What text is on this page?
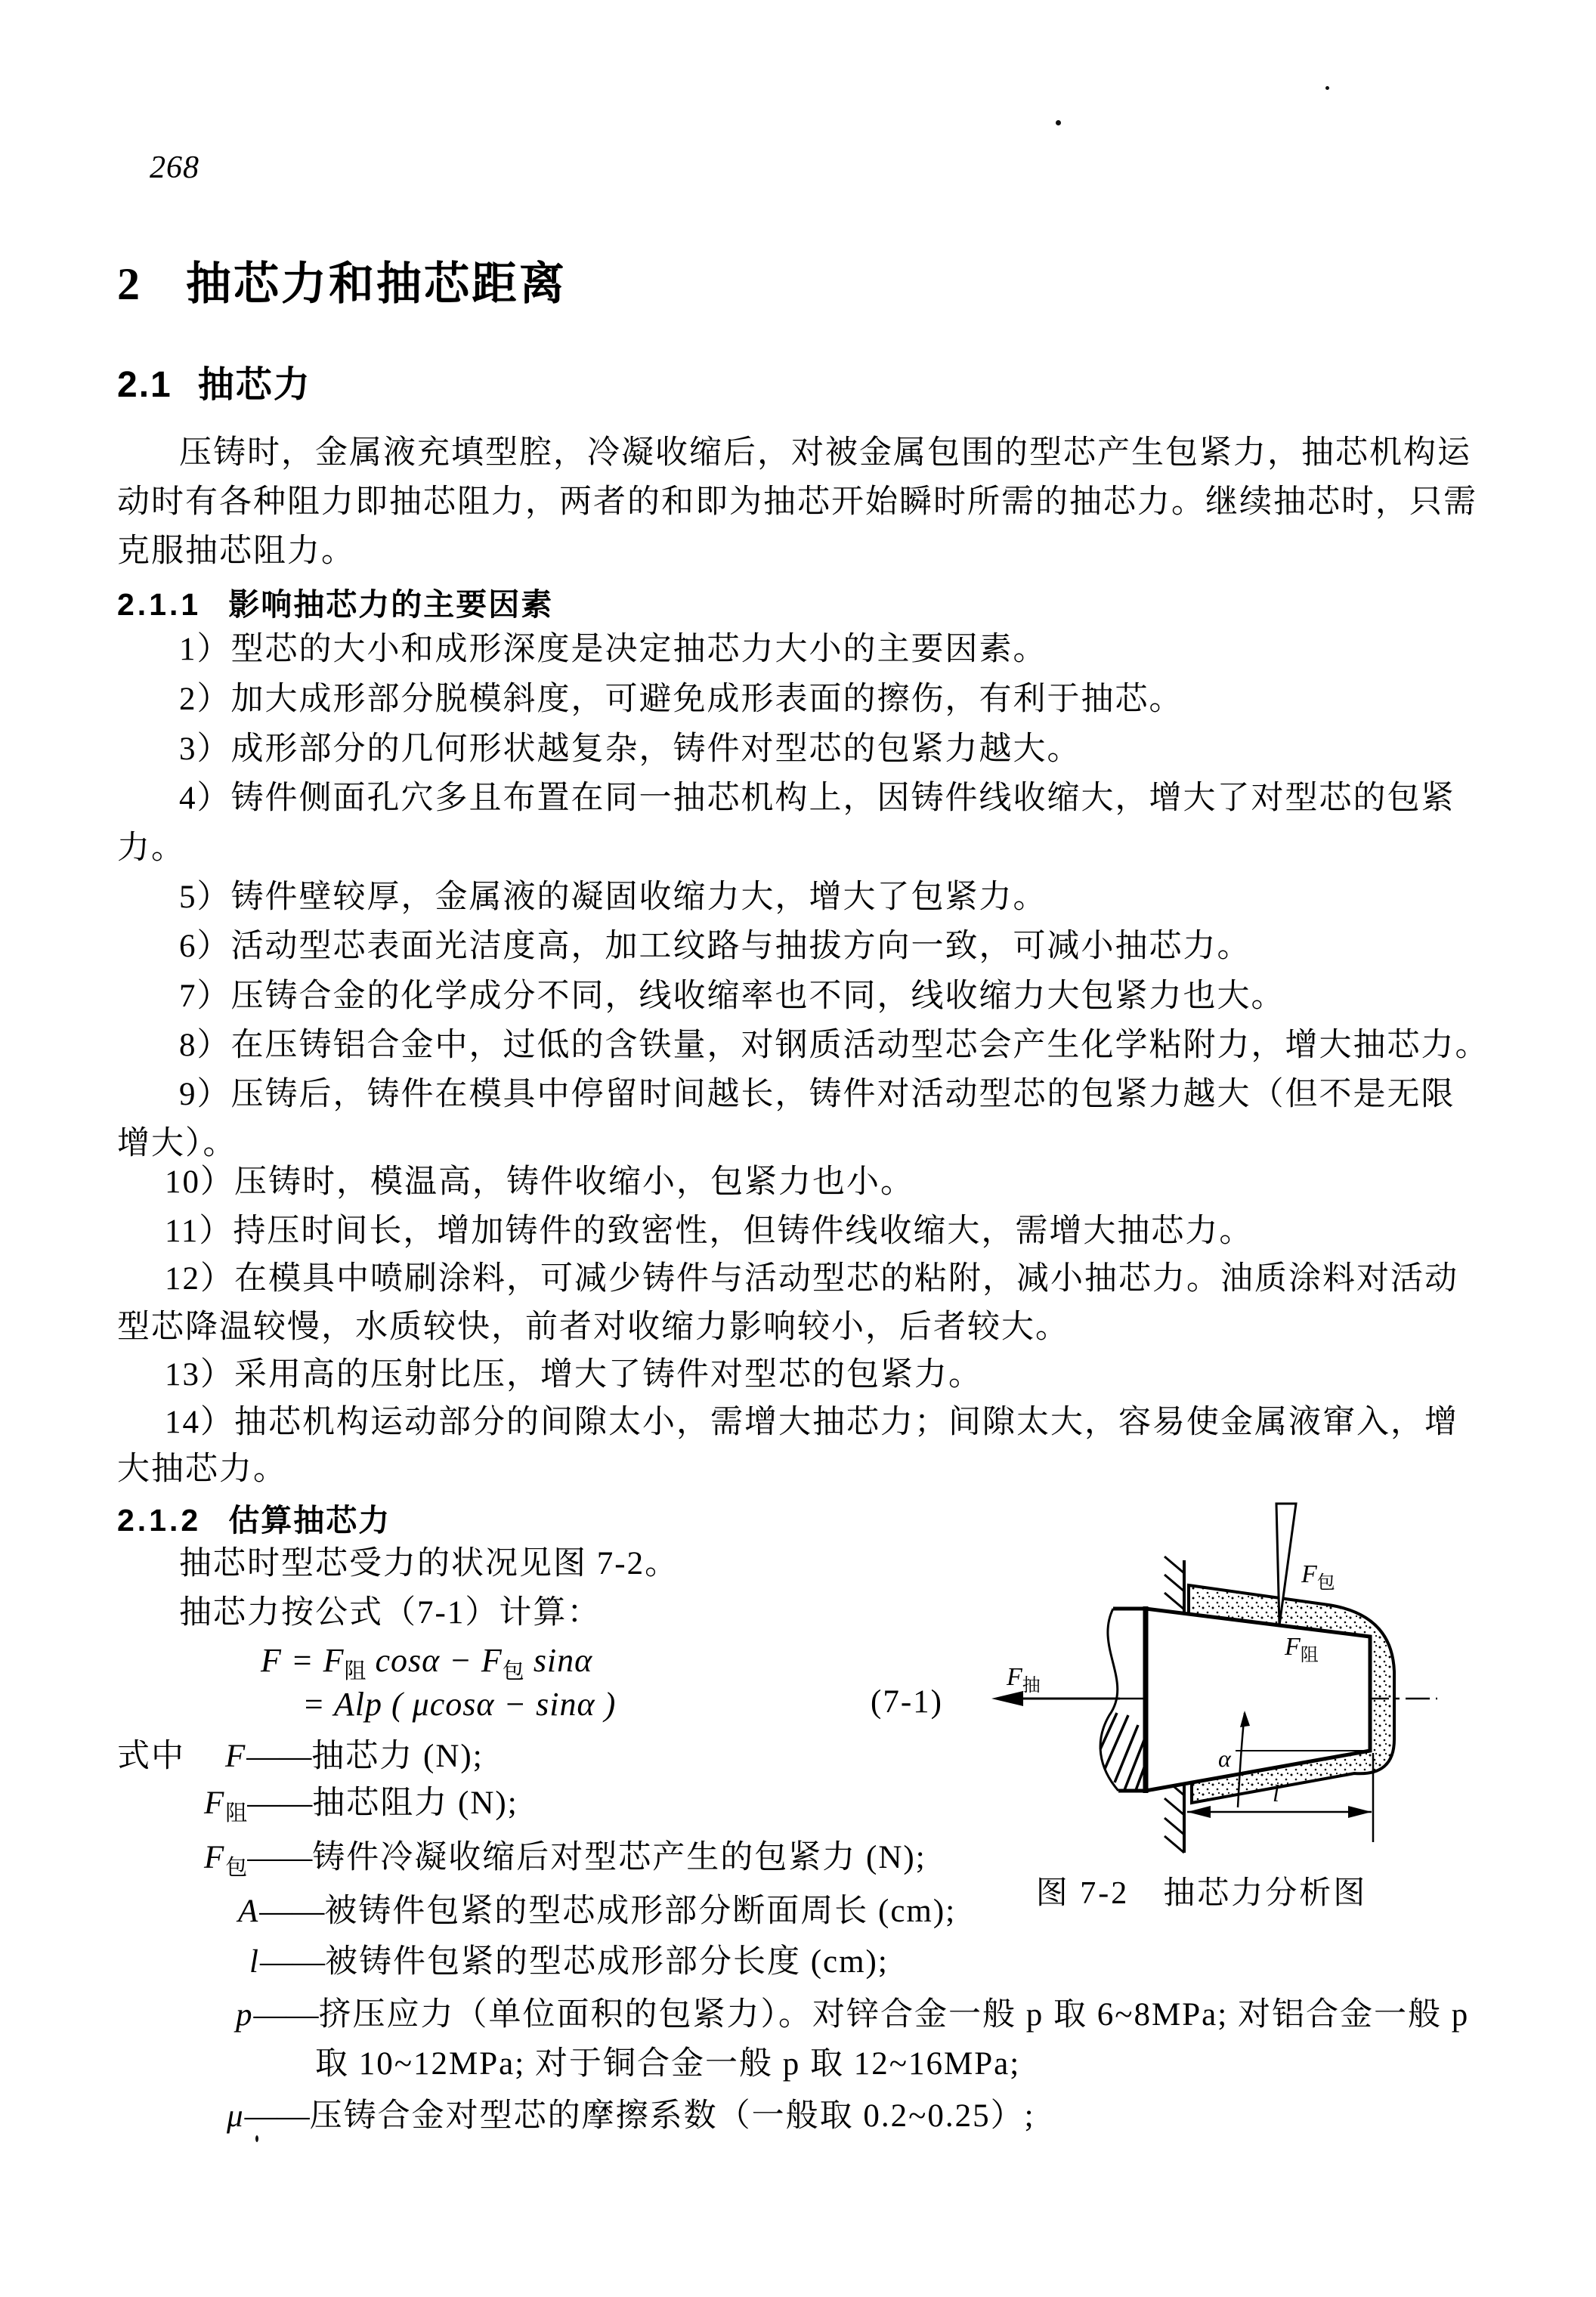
268
2 抽芯力和抽芯距离
2.1 抽芯力
压铸时，金属液充填型腔，冷凝收缩后，对被金属包围的型芯产生包紧力，抽芯机构运
动时有各种阻力即抽芯阻力，两者的和即为抽芯开始瞬时所需的抽芯力。继续抽芯时，只需
克服抽芯阻力。
2.1.1 影响抽芯力的主要因素
1）型芯的大小和成形深度是决定抽芯力大小的主要因素。
2）加大成形部分脱模斜度，可避免成形表面的擦伤，有利于抽芯。
3）成形部分的几何形状越复杂，铸件对型芯的包紧力越大。
4）铸件侧面孔穴多且布置在同一抽芯机构上，因铸件线收缩大，增大了对型芯的包紧
力。
5）铸件壁较厚，金属液的凝固收缩力大，增大了包紧力。
6）活动型芯表面光洁度高，加工纹路与抽拔方向一致，可减小抽芯力。
7）压铸合金的化学成分不同，线收缩率也不同，线收缩力大包紧力也大。
8）在压铸铝合金中，过低的含铁量，对钢质活动型芯会产生化学粘附力，增大抽芯力。
9）压铸后，铸件在模具中停留时间越长，铸件对活动型芯的包紧力越大（但不是无限
增大）。
10）压铸时，模温高，铸件收缩小，包紧力也小。
11）持压时间长，增加铸件的致密性，但铸件线收缩大，需增大抽芯力。
12）在模具中喷刷涂料，可减少铸件与活动型芯的粘附，减小抽芯力。油质涂料对活动
型芯降温较慢，水质较快，前者对收缩力影响较小，后者较大。
13）采用高的压射比压，增大了铸件对型芯的包紧力。
14）抽芯机构运动部分的间隙太小，需增大抽芯力；间隙太大，容易使金属液窜入，增
大抽芯力。
2.1.2 估算抽芯力
抽芯时型芯受力的状况见图 7-2。
抽芯力按公式（7-1）计算：
$F = F_阻$ $\cos\alpha - F_包$ sinα
= Alp ( μcosα − sinα )	(7-1)
式中 F——抽芯力 (N);
$F_阻——$抽芯阻力 (N);
$F_包——$铸件冷凝收缩后对型芯产生的包紧力 (N);
A——被铸件包紧的型芯成形部分断面周长 (cm);
l——被铸件包紧的型芯成形部分长度 (cm);
p——挤压应力（单位面积的包紧力）。对锌合金一般 p 取 6~8MPa; 对铝合金一般 p
取 10~12MPa; 对于铜合金一般 p 取 12~16MPa;
μ——压铸合金对型芯的摩擦系数（一般取 0.2~0.25）;
$F_抽$
$F_包$
$F_阻$
α
l
图 7-2　抽芯力分析图
